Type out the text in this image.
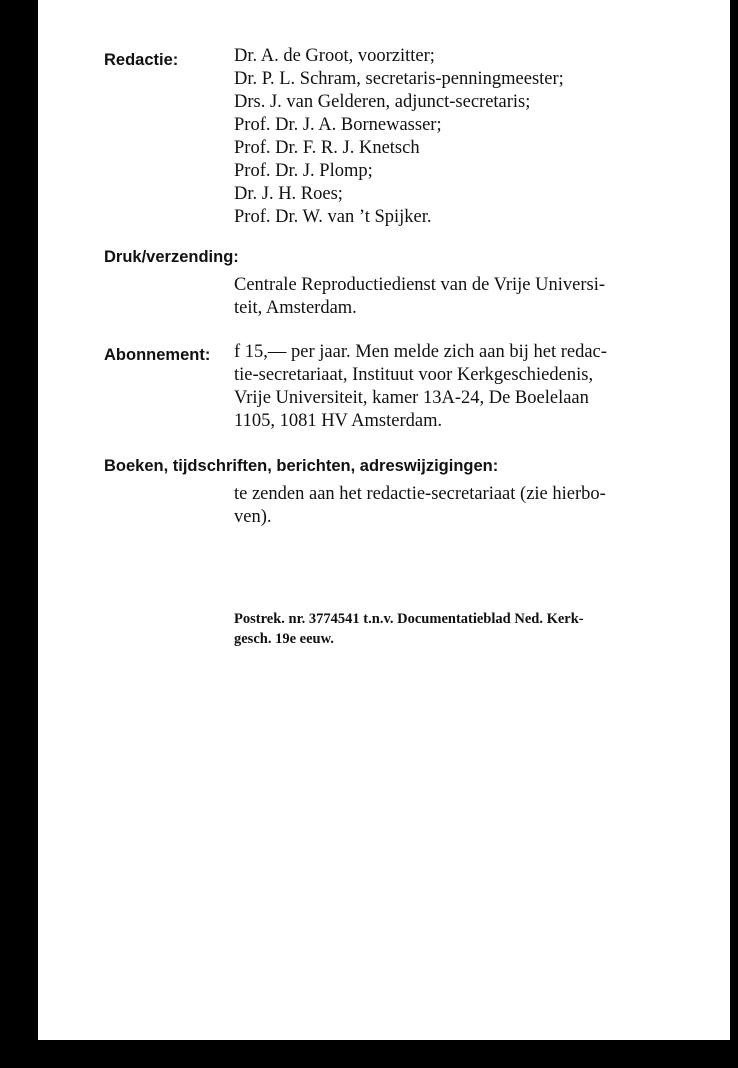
Redactie:	Dr. A. de Groot, voorzitter;
Dr. P. L. Schram, secretaris-penningmeester;
Drs. J. van Gelderen, adjunct-secretaris;
Prof. Dr. J. A. Bornewasser;
Prof. Dr. F. R. J. Knetsch
Prof. Dr. J. Plomp;
Dr. J. H. Roes;
Prof. Dr. W. van ’t Spijker.
Druk/verzending:
Centrale Reproductiedienst van de Vrije Universi-
teit, Amsterdam.
Abonnement: f 15,— per jaar. Men melde zich aan bij het redac-
tie-secretariaat, Instituut voor Kerkgeschiedenis,
Vrije Universiteit, kamer 13A-24, De Boelelaan
1105, 1081 HV Amsterdam.
Boeken, tijdschriften, berichten, adreswijzigingen:
te zenden aan het redactie-secretariaat (zie hierbo-
ven).
Postrek. nr. 3774541 t.n.v. Documentatieblad Ned. Kerk-
gesch. 19e eeuw.
